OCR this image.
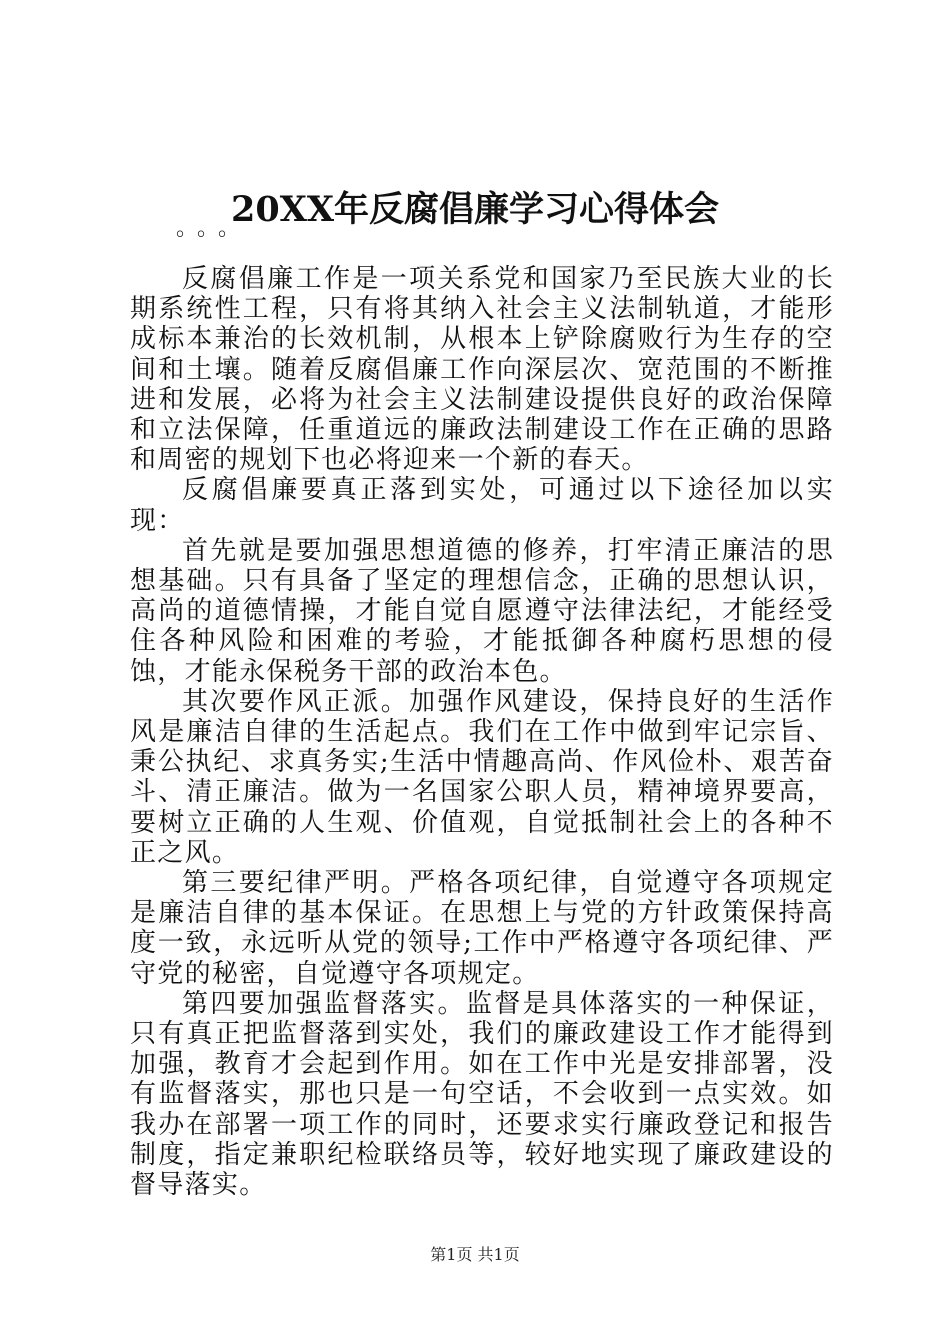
20XX年反腐倡廉学习心得体会
。。。

反腐倡廉工作是一项关系党和国家乃至民族大业的长期系统性工程，只有将其纳入社会主义法制轨道，才能形成标本兼治的长效机制，从根本上铲除腐败行为生存的空间和土壤。随着反腐倡廉工作向深层次、宽范围的不断推进和发展，必将为社会主义法制建设提供良好的政治保障和立法保障，任重道远的廉政法制建设工作在正确的思路和周密的规划下也必将迎来一个新的春天。

反腐倡廉要真正落到实处，可通过以下途径加以实现：

首先就是要加强思想道德的修养，打牢清正廉洁的思想基础。只有具备了坚定的理想信念，正确的思想认识，高尚的道德情操，才能自觉自愿遵守法律法纪，才能经受住各种风险和困难的考验，才能抵御各种腐朽思想的侵蚀，才能永保税务干部的政治本色。

其次要作风正派。加强作风建设，保持良好的生活作风是廉洁自律的生活起点。我们在工作中做到牢记宗旨、秉公执纪、求真务实;生活中情趣高尚、作风俭朴、艰苦奋斗、清正廉洁。做为一名国家公职人员，精神境界要高，要树立正确的人生观、价值观，自觉抵制社会上的各种不正之风。

第三要纪律严明。严格各项纪律，自觉遵守各项规定是廉洁自律的基本保证。在思想上与党的方针政策保持高度一致，永远听从党的领导;工作中严格遵守各项纪律、严守党的秘密，自觉遵守各项规定。

第四要加强监督落实。监督是具体落实的一种保证，只有真正把监督落到实处，我们的廉政建设工作才能得到加强，教育才会起到作用。如在工作中光是安排部署，没有监督落实，那也只是一句空话，不会收到一点实效。如我办在部署一项工作的同时，还要求实行廉政登记和报告制度，指定兼职纪检联络员等，较好地实现了廉政建设的督导落实。

第1页 共1页
